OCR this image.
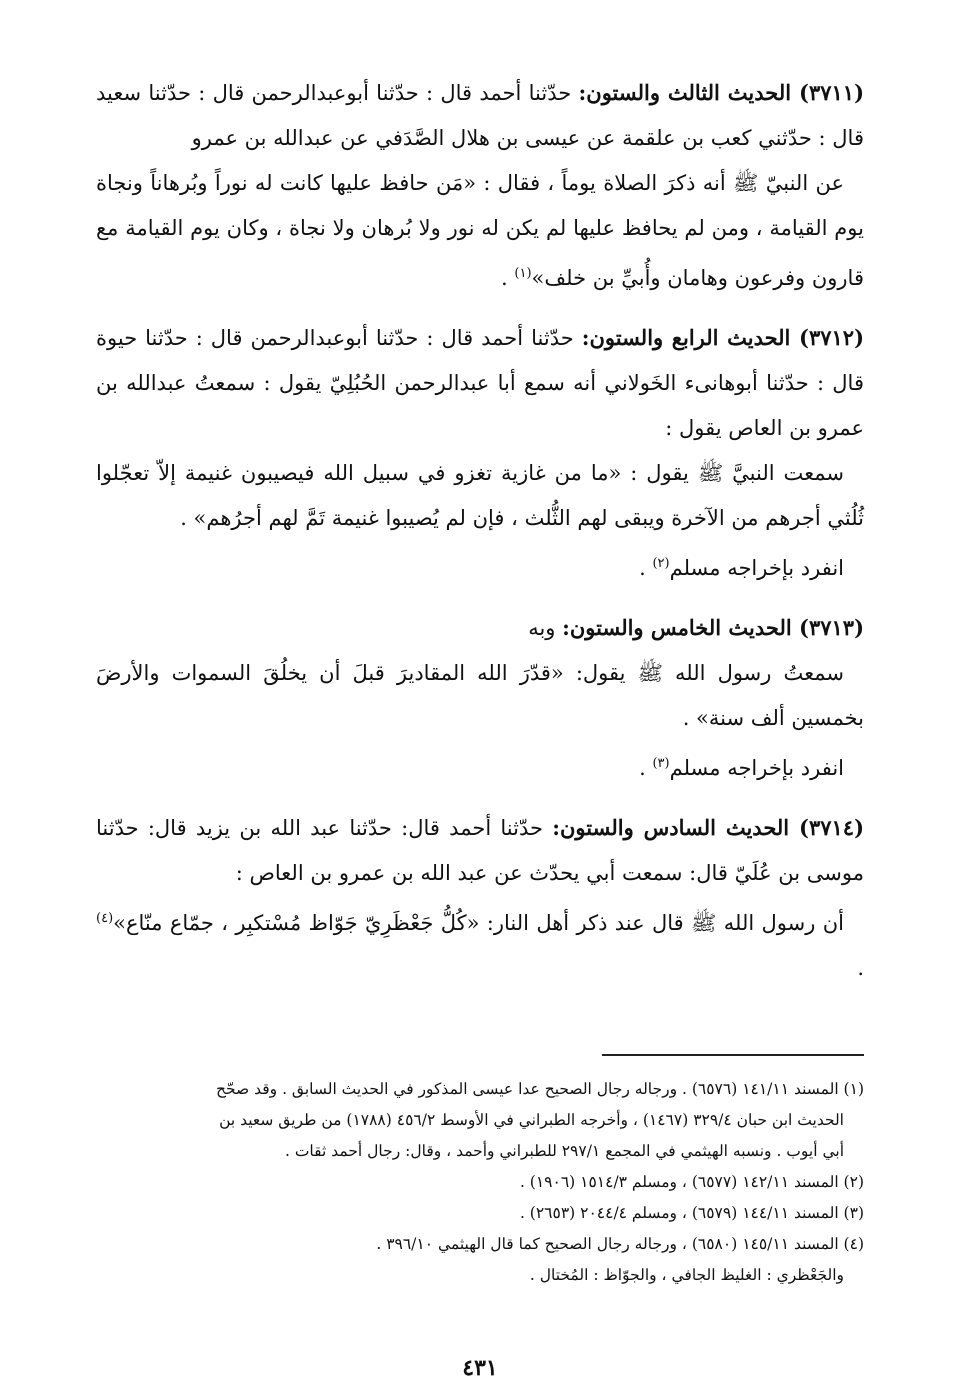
(٣٧١١) الحديث الثالث والستون: حدّثنا أحمد قال : حدّثنا أبوعبدالرحمن قال : حدّثنا سعيد قال : حدّثني كعب بن علقمة عن عيسى بن هلال الصَّدَفي عن عبدالله بن عمرو

عن النبيّ ﷺ أنه ذكرَ الصلاة يوماً ، فقال : «مَن حافظ عليها كانت له نوراً وبُرهاناً ونجاة يوم القيامة ، ومن لم يحافظ عليها لم يكن له نور ولا بُرهان ولا نجاة ، وكان يوم القيامة مع قارون وفرعون وهامان وأُبيِّ بن خلف»$^{(١)}$ .

(٣٧١٢) الحديث الرابع والستون: حدّثنا أحمد قال : حدّثنا أبوعبدالرحمن قال : حدّثنا حيوة قال : حدّثنا أبوهانىء الخَولاني أنه سمع أبا عبدالرحمن الحُبُلِيّ يقول : سمعتُ عبدالله بن عمرو بن العاص يقول :

سمعت النبيَّ ﷺ يقول : «ما من غازية تغزو في سبيل الله فيصيبون غنيمة إلاّ تعجّلوا ثُلُثي أجرهم من الآخرة ويبقى لهم الثُّلث ، فإن لم يُصيبوا غنيمة تَمَّ لهم أجرُهم» .

انفرد بإخراجه مسلم$^{(٢)}$ .

(٣٧١٣) الحديث الخامس والستون: وبه

سمعتُ رسول الله ﷺ يقول: «قدّرَ الله المقاديرَ قبلَ أن يخلُقَ السموات والأرضَ بخمسين ألف سنة» .

انفرد بإخراجه مسلم$^{(٣)}$ .

(٣٧١٤) الحديث السادس والستون: حدّثنا أحمد قال: حدّثنا عبد الله بن يزيد قال: حدّثنا موسى بن عُلَيّ قال: سمعت أبي يحدّث عن عبد الله بن عمرو بن العاص :

أن رسول الله ﷺ قال عند ذكر أهل النار: «كُلُّ جَعْظَرِيّ جَوّاظ مُسْتكبِر ، جمّاع منّاع»$^{(٤)}$ .

(١) المسند ١٤١/١١ (٦٥٧٦) . ورجاله رجال الصحيح عدا عيسى المذكور في الحديث السابق . وقد صحّح

الحديث ابن حبان ٣٢٩/٤ (١٤٦٧) ، وأخرجه الطبراني في الأوسط ٤٥٦/٢ (١٧٨٨) من طريق سعيد بن

أبي أيوب . ونسبه الهيثمي في المجمع ٢٩٧/١ للطبراني وأحمد ، وقال: رجال أحمد ثقات .

(٢) المسند ١٤٢/١١ (٦٥٧٧) ، ومسلم ١٥١٤/٣ (١٩٠٦) .

(٣) المسند ١٤٤/١١ (٦٥٧٩) ، ومسلم ٢٠٤٤/٤ (٢٦٥٣) .

(٤) المسند ١٤٥/١١ (٦٥٨٠) ، ورجاله رجال الصحيح كما قال الهيثمي ٣٩٦/١٠ .

والجَعْظري : الغليظ الجافي ، والجوّاظ : المُختال .

٤٣١
